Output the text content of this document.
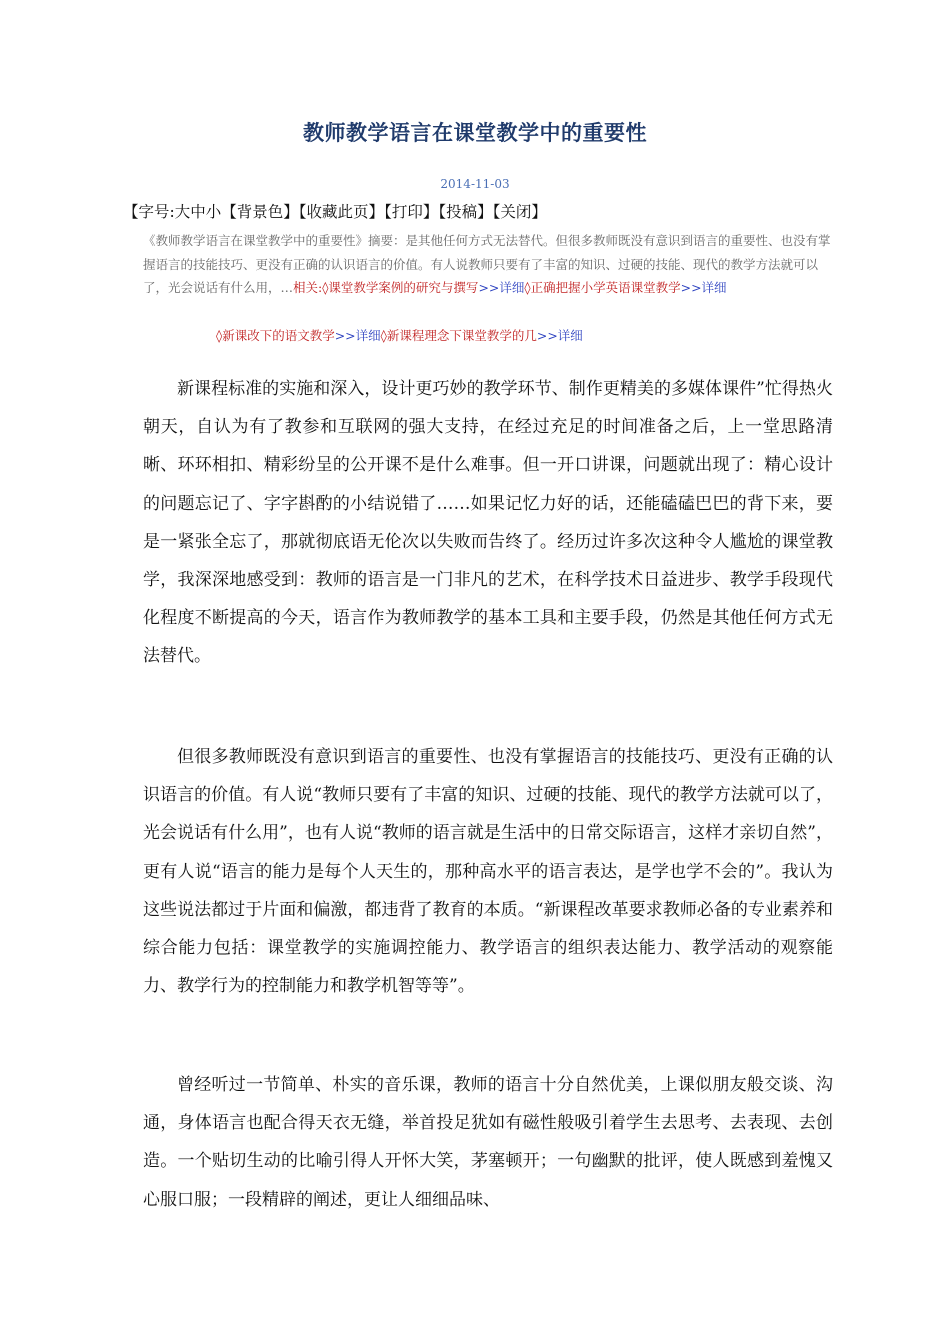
教师教学语言在课堂教学中的重要性
2014-11-03
【字号:大中小【背景色】【收藏此页】【打印】【投稿】【关闭】
《教师教学语言在课堂教学中的重要性》摘要：是其他任何方式无法替代。但很多教师既没有意识到语言的重要性、也没有掌握语言的技能技巧、更没有正确的认识语言的价值。有人说教师只要有了丰富的知识、过硬的技能、现代的教学方法就可以了，光会说话有什么用，…相关:◊课堂教学案例的研究与撰写>>详细◊正确把握小学英语课堂教学>>详细
◊新课改下的语文教学>>详细◊新课程理念下课堂教学的几>>详细

新课程标准的实施和深入，设计更巧妙的教学环节、制作更精美的多媒体课件”忙得热火朝天，自认为有了教参和互联网的强大支持，在经过充足的时间准备之后，上一堂思路清晰、环环相扣、精彩纷呈的公开课不是什么难事。但一开口讲课，问题就出现了：精心设计的问题忘记了、字字斟酌的小结说错了……如果记忆力好的话，还能磕磕巴巴的背下来，要是一紧张全忘了，那就彻底语无伦次以失败而告终了。经历过许多次这种令人尴尬的课堂教学，我深深地感受到：教师的语言是一门非凡的艺术，在科学技术日益进步、教学手段现代化程度不断提高的今天，语言作为教师教学的基本工具和主要手段，仍然是其他任何方式无法替代。

但很多教师既没有意识到语言的重要性、也没有掌握语言的技能技巧、更没有正确的认识语言的价值。有人说“教师只要有了丰富的知识、过硬的技能、现代的教学方法就可以了，光会说话有什么用”，也有人说“教师的语言就是生活中的日常交际语言，这样才亲切自然”，更有人说“语言的能力是每个人天生的，那种高水平的语言表达，是学也学不会的”。我认为这些说法都过于片面和偏激，都违背了教育的本质。“新课程改革要求教师必备的专业素养和综合能力包括：课堂教学的实施调控能力、教学语言的组织表达能力、教学活动的观察能力、教学行为的控制能力和教学机智等等”。

曾经听过一节简单、朴实的音乐课，教师的语言十分自然优美，上课似朋友般交谈、沟通，身体语言也配合得天衣无缝，举首投足犹如有磁性般吸引着学生去思考、去表现、去创造。一个贴切生动的比喻引得人开怀大笑，茅塞顿开；一句幽默的批评，使人既感到羞愧又心服口服；一段精辟的阐述，更让人细细品味、
